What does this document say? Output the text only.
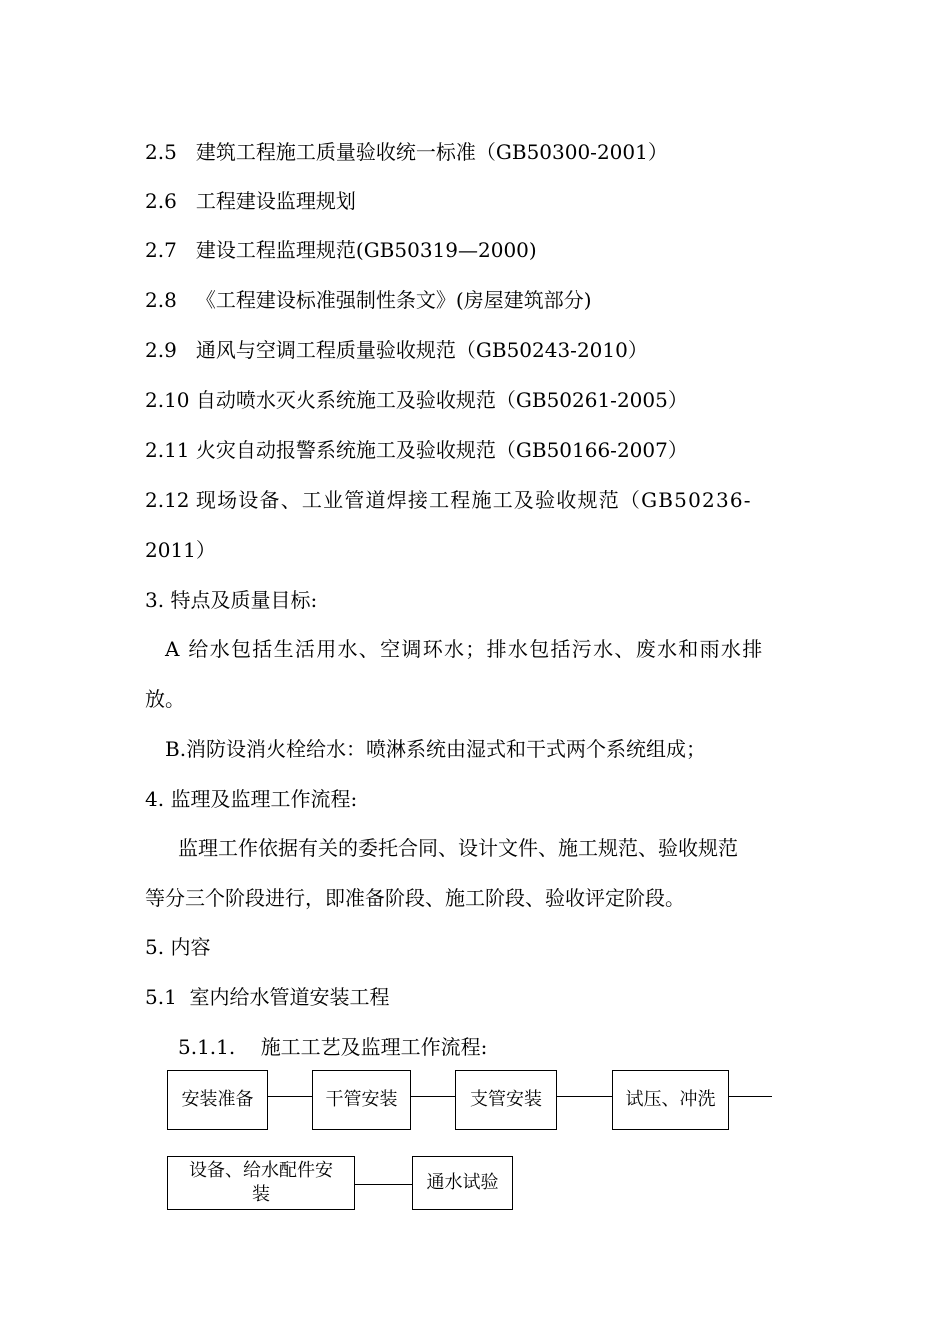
2.5 建筑工程施工质量验收统一标准（GB50300-2001）
2.6 工程建设监理规划
2.7 建设工程监理规范(GB50319—2000)
2.8 《工程建设标准强制性条文》(房屋建筑部分)
2.9 通风与空调工程质量验收规范（GB50243-2010）
2.10 自动喷水灭火系统施工及验收规范（GB50261-2005）
2.11 火灾自动报警系统施工及验收规范（GB50166-2007）
2.12 现场设备、工业管道焊接工程施工及验收规范（GB50236-
2011）
3. 特点及质量目标:
A 给水包括生活用水、空调环水；排水包括污水、废水和雨水排
放。
B.消防设消火栓给水：喷淋系统由湿式和干式两个系统组成；
4. 监理及监理工作流程:
监理工作依据有关的委托合同、设计文件、施工规范、验收规范
等分三个阶段进行，即准备阶段、施工阶段、验收评定阶段。
5. 内容
5.1 室内给水管道安装工程
5.1.1. 施工工艺及监理工作流程:
安装准备	干管安装	支管安装	试压、冲洗
设备、给水配件安装
通水试验
